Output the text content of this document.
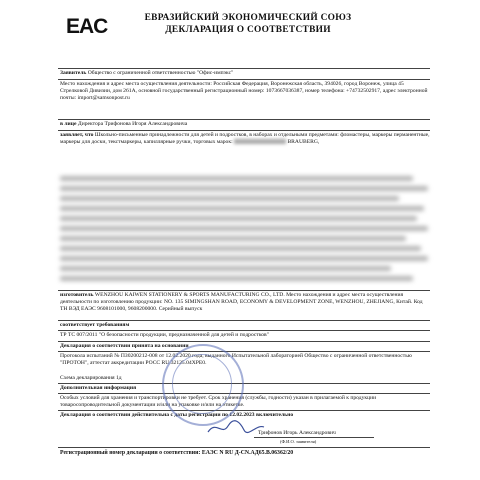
EAC	ЕВРАЗИЙСКИЙ ЭКОНОМИЧЕСКИЙ СОЮЗ
ДЕКЛАРАЦИЯ О СООТВЕТСТВИИ
Заявитель Общество с ограниченной ответственностью "Офис-импэкс"
Место нахождения и адрес места осуществления деятельности: Российская Федерация, Воронежская область, 394026, город Воронеж, улица 45 Стрелковой Дивизии, дом 261А, основной государственный регистрационный номер: 1073667036387, номер телефона: +74732502917, адрес электронной почты: import@samsonpost.ru
в лице Директора Трифонова Игоря Александровича
заявляет, что Школьно-письменные принадлежности для детей и подростков, в наборах и отдельными предметами: фломастеры, маркеры перманентные, маркеры для доски, текстмаркеры, капиллярные ручки, торговых марок:	BRAUBERG,
изготовитель WENZHOU KAIWEN STATIONERY & SPORTS MANUFACTURING CO., LTD. Место нахождения и адрес места осуществления деятельности по изготовлению продукции: NO. 135 SIMINGSHAN ROAD, ECONOMY & DEVELOPMENT ZONE, WENZHOU, ZHEJIANG, Китай. Код ТН ВЭД ЕАЭС 9608101000, 9608200000. Серийный выпуск
соответствует требованиям
ТР ТС 007/2011 "О безопасности продукции, предназначенной для детей и подростков"
Декларация о соответствии принята на основании
Протокола испытаний № ПЗ0200212-008 от 12.02.2020 года, выданного Испытательной лабораторией Общество с ограниченной ответственностью "ПРОТОН", аттестат аккредитации РОСС RU.32125.04ХРЕ0.
Схема декларирования 1д
Дополнительная информация
Особых условий для хранения и транспортировки не требует. Срок хранения (службы, годности) указан в прилагаемой к продукции товаросопроводительной документации и/или на упаковке и/или на этикетке.
Декларация о соответствии действительна с даты регистрации по 12.02.2023 включительно
Трифонов Игорь Александрович
(Ф.И.О. заявителя)
Регистрационный номер декларации о соответствии: ЕАЭС N RU Д-CN.АД65.В.06362/20
